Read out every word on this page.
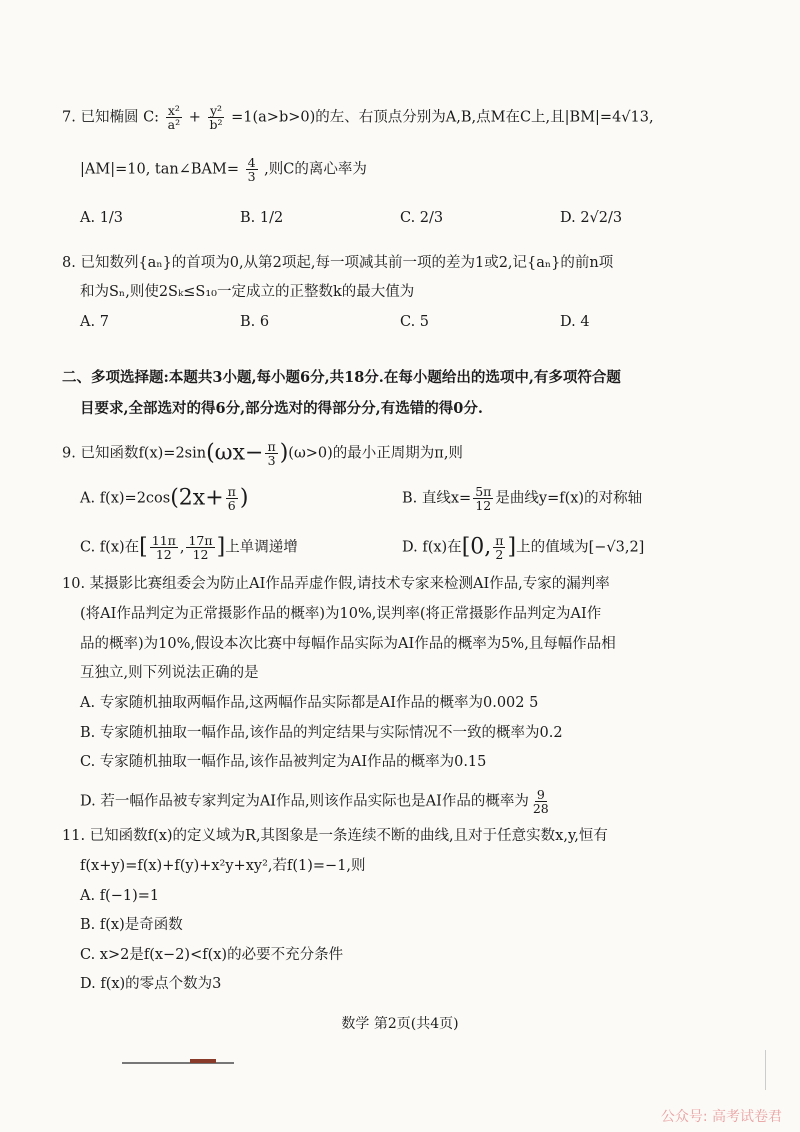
7. 已知椭圆 C: $\frac{\text{x²}}{\text{a²}} + \frac{\text{y²}}{\text{b²}} =1(a>b>0)$的左、右顶点分别为A,B,点M在C上,且|BM|=4√13,
|AM|=10, tan∠BAM= $\frac{4}{3}$ ,则C的离心率为
A. 1/3	B. 1/2	C. 2/3	D. 2√2/3
8. 已知数列{aₙ}的首项为0,从第2项起,每一项减其前一项的差为1或2,记{aₙ}的前n项
和为Sₙ,则使2Sₖ≤S₁₀一定成立的正整数k的最大值为
A. 7	B. 6	C. 5	D. 4
二、多项选择题:本题共3小题,每小题6分,共18分.在每小题给出的选项中,有多项符合题
目要求,全部选对的得6分,部分选对的得部分分,有选错的得0分.
9. 已知函数$f(x)=2\sin(\omega x- \frac{\pi}{3} )(\omega>0)$的最小正周期为π,则
A. $f(x)=2\cos(2x+ \frac{\pi}{6}$ )	B. 直线$x= \frac{5\pi}{12}$ 是曲线y=f(x)的对称轴
C. f(x)在[ $\frac{11\pi}{12}$ , $\frac{17\pi}{12}$ ]上单调递增	D. f(x)在[0, $\frac{\pi}{2}$ ]上的值域为[−√3,2]
10. 某摄影比赛组委会为防止AI作品弄虚作假,请技术专家来检测AI作品,专家的漏判率
(将AI作品判定为正常摄影作品的概率)为10%,误判率(将正常摄影作品判定为AI作
品的概率)为10%,假设本次比赛中每幅作品实际为AI作品的概率为5%,且每幅作品相
互独立,则下列说法正确的是
A. 专家随机抽取两幅作品,这两幅作品实际都是AI作品的概率为0.002 5
B. 专家随机抽取一幅作品,该作品的判定结果与实际情况不一致的概率为0.2
C. 专家随机抽取一幅作品,该作品被判定为AI作品的概率为0.15
D. 若一幅作品被专家判定为AI作品,则该作品实际也是AI作品的概率为 $\frac{9}{28}$
11. 已知函数f(x)的定义域为R,其图象是一条连续不断的曲线,且对于任意实数x,y,恒有
f(x+y)=f(x)+f(y)+x²y+xy²,若f(1)=−1,则
A. f(−1)=1
B. f(x)是奇函数
C. x>2是f(x−2)<f(x)的必要不充分条件
D. f(x)的零点个数为3
数学 第2页(共4页)
公众号: 高考试卷君
